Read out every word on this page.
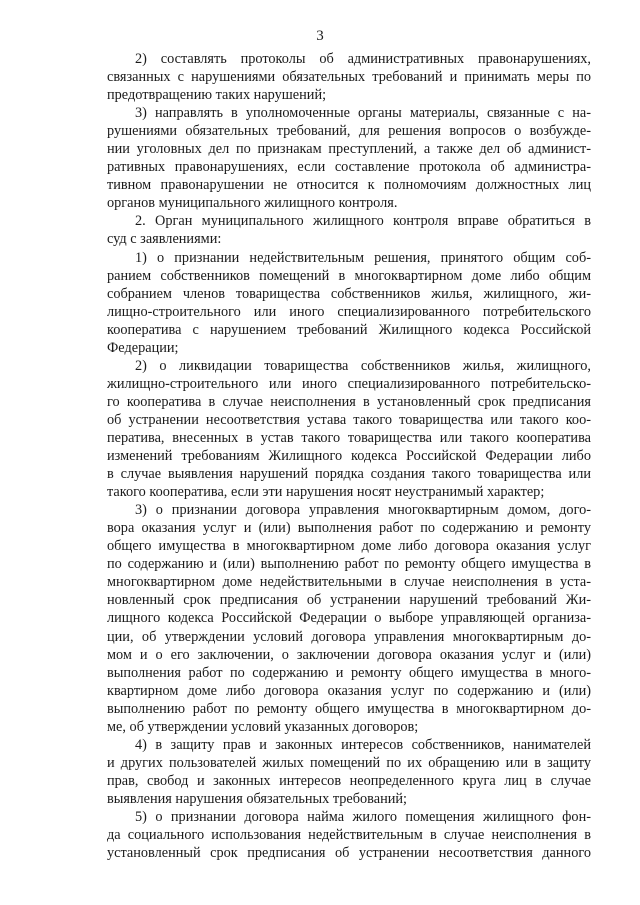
3
2) составлять протоколы об административных правонарушениях,
связанных с нарушениями обязательных требований и принимать меры по
предотвращению таких нарушений;
3) направлять в уполномоченные органы материалы, связанные с на-
рушениями обязательных требований, для решения вопросов о возбужде-
нии уголовных дел по признакам преступлений, а также дел об админист-
ративных правонарушениях, если составление протокола об администра-
тивном правонарушении не относится к полномочиям должностных лиц
органов муниципального жилищного контроля.
2. Орган муниципального жилищного контроля вправе обратиться в
суд с заявлениями:
1) о признании недействительным решения, принятого общим соб-
ранием собственников помещений в многоквартирном доме либо общим
собранием членов товарищества собственников жилья, жилищного, жи-
лищно-строительного или иного специализированного потребительского
кооператива с нарушением требований Жилищного кодекса Российской
Федерации;
2) о ликвидации товарищества собственников жилья, жилищного,
жилищно-строительного или иного специализированного потребительско-
го кооператива в случае неисполнения в установленный срок предписания
об устранении несоответствия устава такого товарищества или такого коо-
ператива, внесенных в устав такого товарищества или такого кооператива
изменений требованиям Жилищного кодекса Российской Федерации либо
в случае выявления нарушений порядка создания такого товарищества или
такого кооператива, если эти нарушения носят неустранимый характер;
3) о признании договора управления многоквартирным домом, дого-
вора оказания услуг и (или) выполнения работ по содержанию и ремонту
общего имущества в многоквартирном доме либо договора оказания услуг
по содержанию и (или) выполнению работ по ремонту общего имущества в
многоквартирном доме недействительными в случае неисполнения в уста-
новленный срок предписания об устранении нарушений требований Жи-
лищного кодекса Российской Федерации о выборе управляющей организа-
ции, об утверждении условий договора управления многоквартирным до-
мом и о его заключении, о заключении договора оказания услуг и (или)
выполнения работ по содержанию и ремонту общего имущества в много-
квартирном доме либо договора оказания услуг по содержанию и (или)
выполнению работ по ремонту общего имущества в многоквартирном до-
ме, об утверждении условий указанных договоров;
4) в защиту прав и законных интересов собственников, нанимателей
и других пользователей жилых помещений по их обращению или в защиту
прав, свобод и законных интересов неопределенного круга лиц в случае
выявления нарушения обязательных требований;
5) о признании договора найма жилого помещения жилищного фон-
да социального использования недействительным в случае неисполнения в
установленный срок предписания об устранении несоответствия данного
